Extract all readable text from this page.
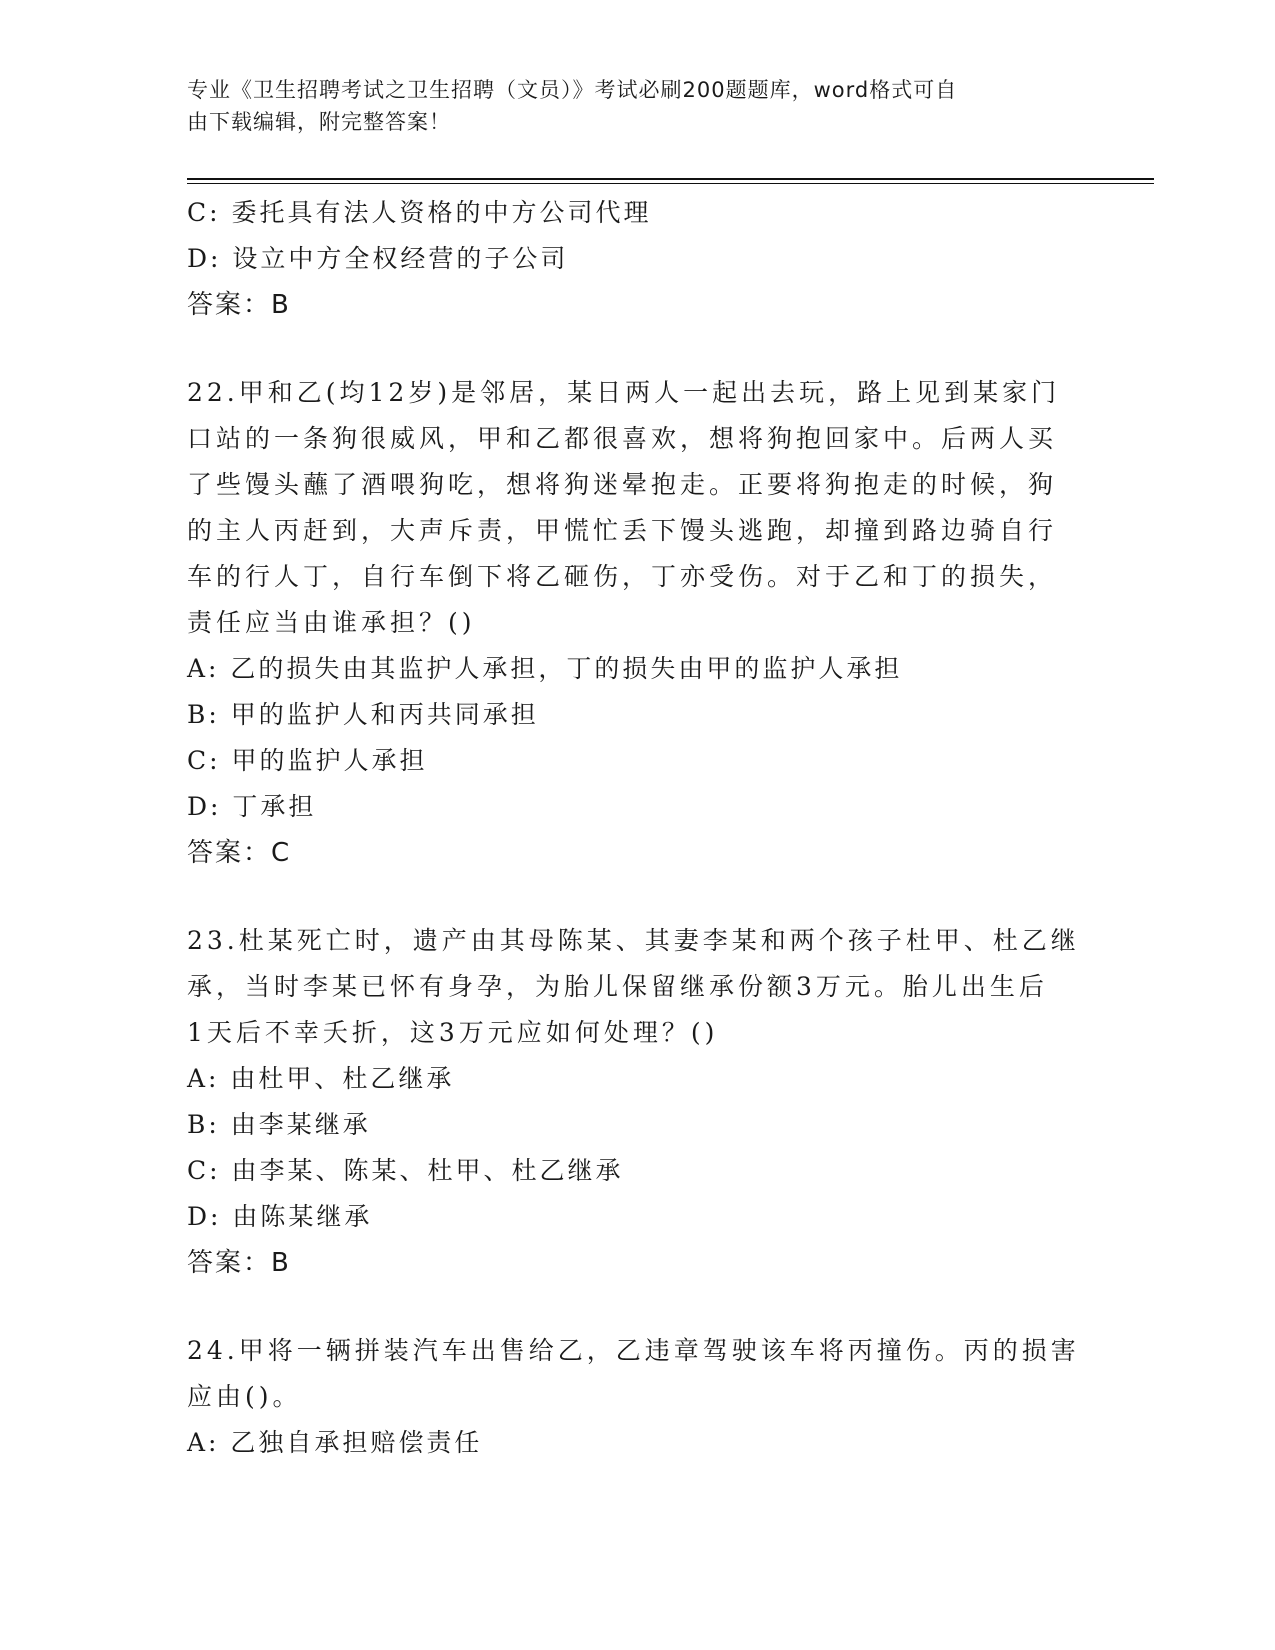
专业《卫生招聘考试之卫生招聘（文员）》考试必刷200题题库，word格式可自
由下载编辑，附完整答案！
C: 委托具有法人资格的中方公司代理
D: 设立中方全权经营的子公司
答案：B
22.甲和乙(均12岁)是邻居，某日两人一起出去玩，路上见到某家门
口站的一条狗很威风，甲和乙都很喜欢，想将狗抱回家中。后两人买
了些馒头蘸了酒喂狗吃，想将狗迷晕抱走。正要将狗抱走的时候，狗
的主人丙赶到，大声斥责，甲慌忙丢下馒头逃跑，却撞到路边骑自行
车的行人丁，自行车倒下将乙砸伤，丁亦受伤。对于乙和丁的损失，
责任应当由谁承担？()
A: 乙的损失由其监护人承担，丁的损失由甲的监护人承担
B: 甲的监护人和丙共同承担
C: 甲的监护人承担
D: 丁承担
答案：C
23.杜某死亡时，遗产由其母陈某、其妻李某和两个孩子杜甲、杜乙继
承，当时李某已怀有身孕，为胎儿保留继承份额3万元。胎儿出生后
1天后不幸夭折，这3万元应如何处理？()
A: 由杜甲、杜乙继承
B: 由李某继承
C: 由李某、陈某、杜甲、杜乙继承
D: 由陈某继承
答案：B
24.甲将一辆拼装汽车出售给乙，乙违章驾驶该车将丙撞伤。丙的损害
应由()。
A: 乙独自承担赔偿责任
